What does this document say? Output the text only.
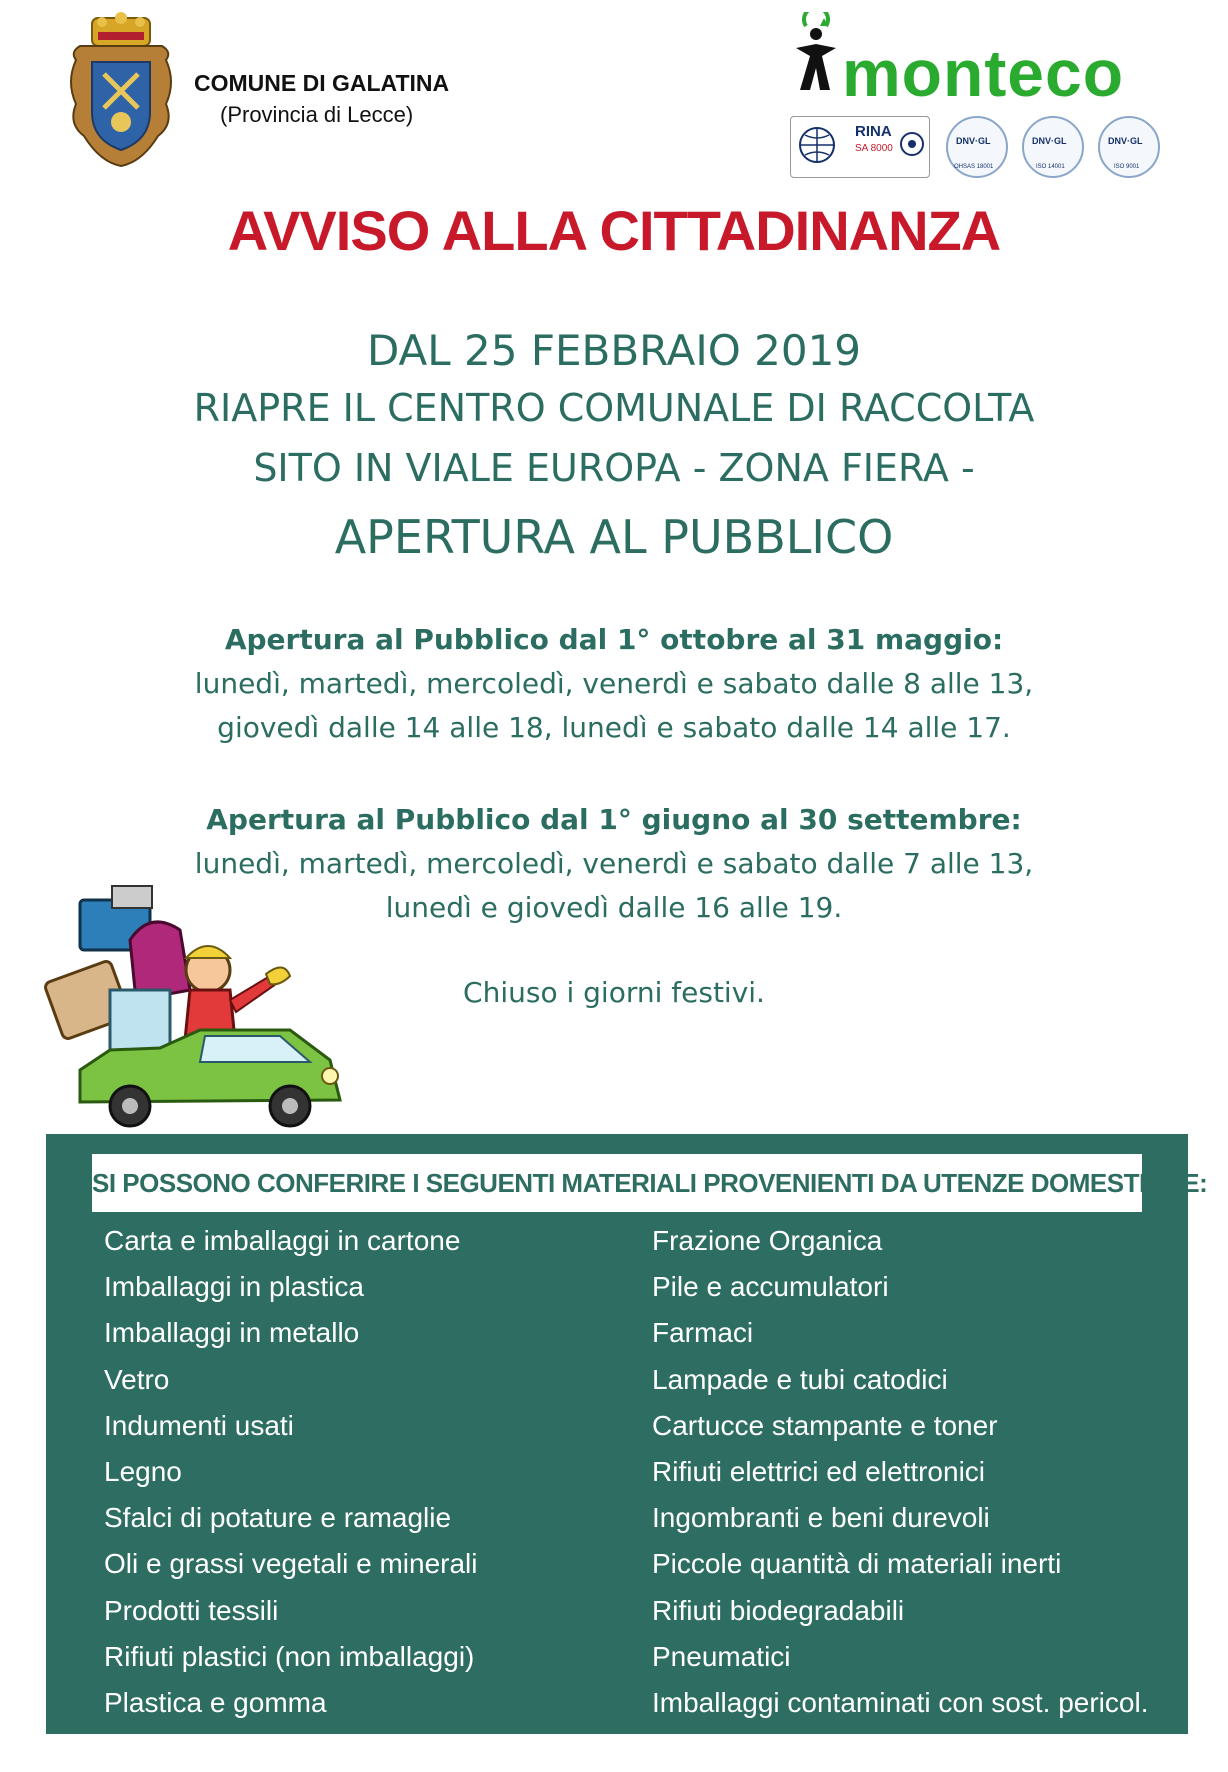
COMUNE DI GALATINA
(Provincia di Lecce)
monteco
RINA
SA 8000
DNV·GL
OHSAS 18001
DNV·GL
ISO 14001
DNV·GL
ISO 9001
AVVISO ALLA CITTADINANZA
DAL 25 FEBBRAIO 2019
RIAPRE IL CENTRO COMUNALE DI RACCOLTA
SITO IN VIALE EUROPA - ZONA FIERA -
APERTURA AL PUBBLICO
Apertura al Pubblico dal 1° ottobre al 31 maggio:
lunedì, martedì, mercoledì, venerdì e sabato dalle 8 alle 13,
giovedì dalle 14 alle 18, lunedì e sabato dalle 14 alle 17.
Apertura al Pubblico dal 1° giugno al 30 settembre:
lunedì, martedì, mercoledì, venerdì e sabato dalle 7 alle 13,
lunedì e giovedì dalle 16 alle 19.
Chiuso i giorni festivi.
SI POSSONO CONFERIRE I SEGUENTI MATERIALI PROVENIENTI DA UTENZE DOMESTICHE:
Carta e imballaggi in cartone
Imballaggi in plastica
Imballaggi in metallo
Vetro
Indumenti usati
Legno
Sfalci di potature e ramaglie
Oli e grassi vegetali e minerali
Prodotti tessili
Rifiuti plastici (non imballaggi)
Plastica e gomma
Frazione Organica
Pile e accumulatori
Farmaci
Lampade e tubi catodici
Cartucce stampante e toner
Rifiuti elettrici ed elettronici
Ingombranti e beni durevoli
Piccole quantità di materiali inerti
Rifiuti biodegradabili
Pneumatici
Imballaggi contaminati con sost. pericol.
